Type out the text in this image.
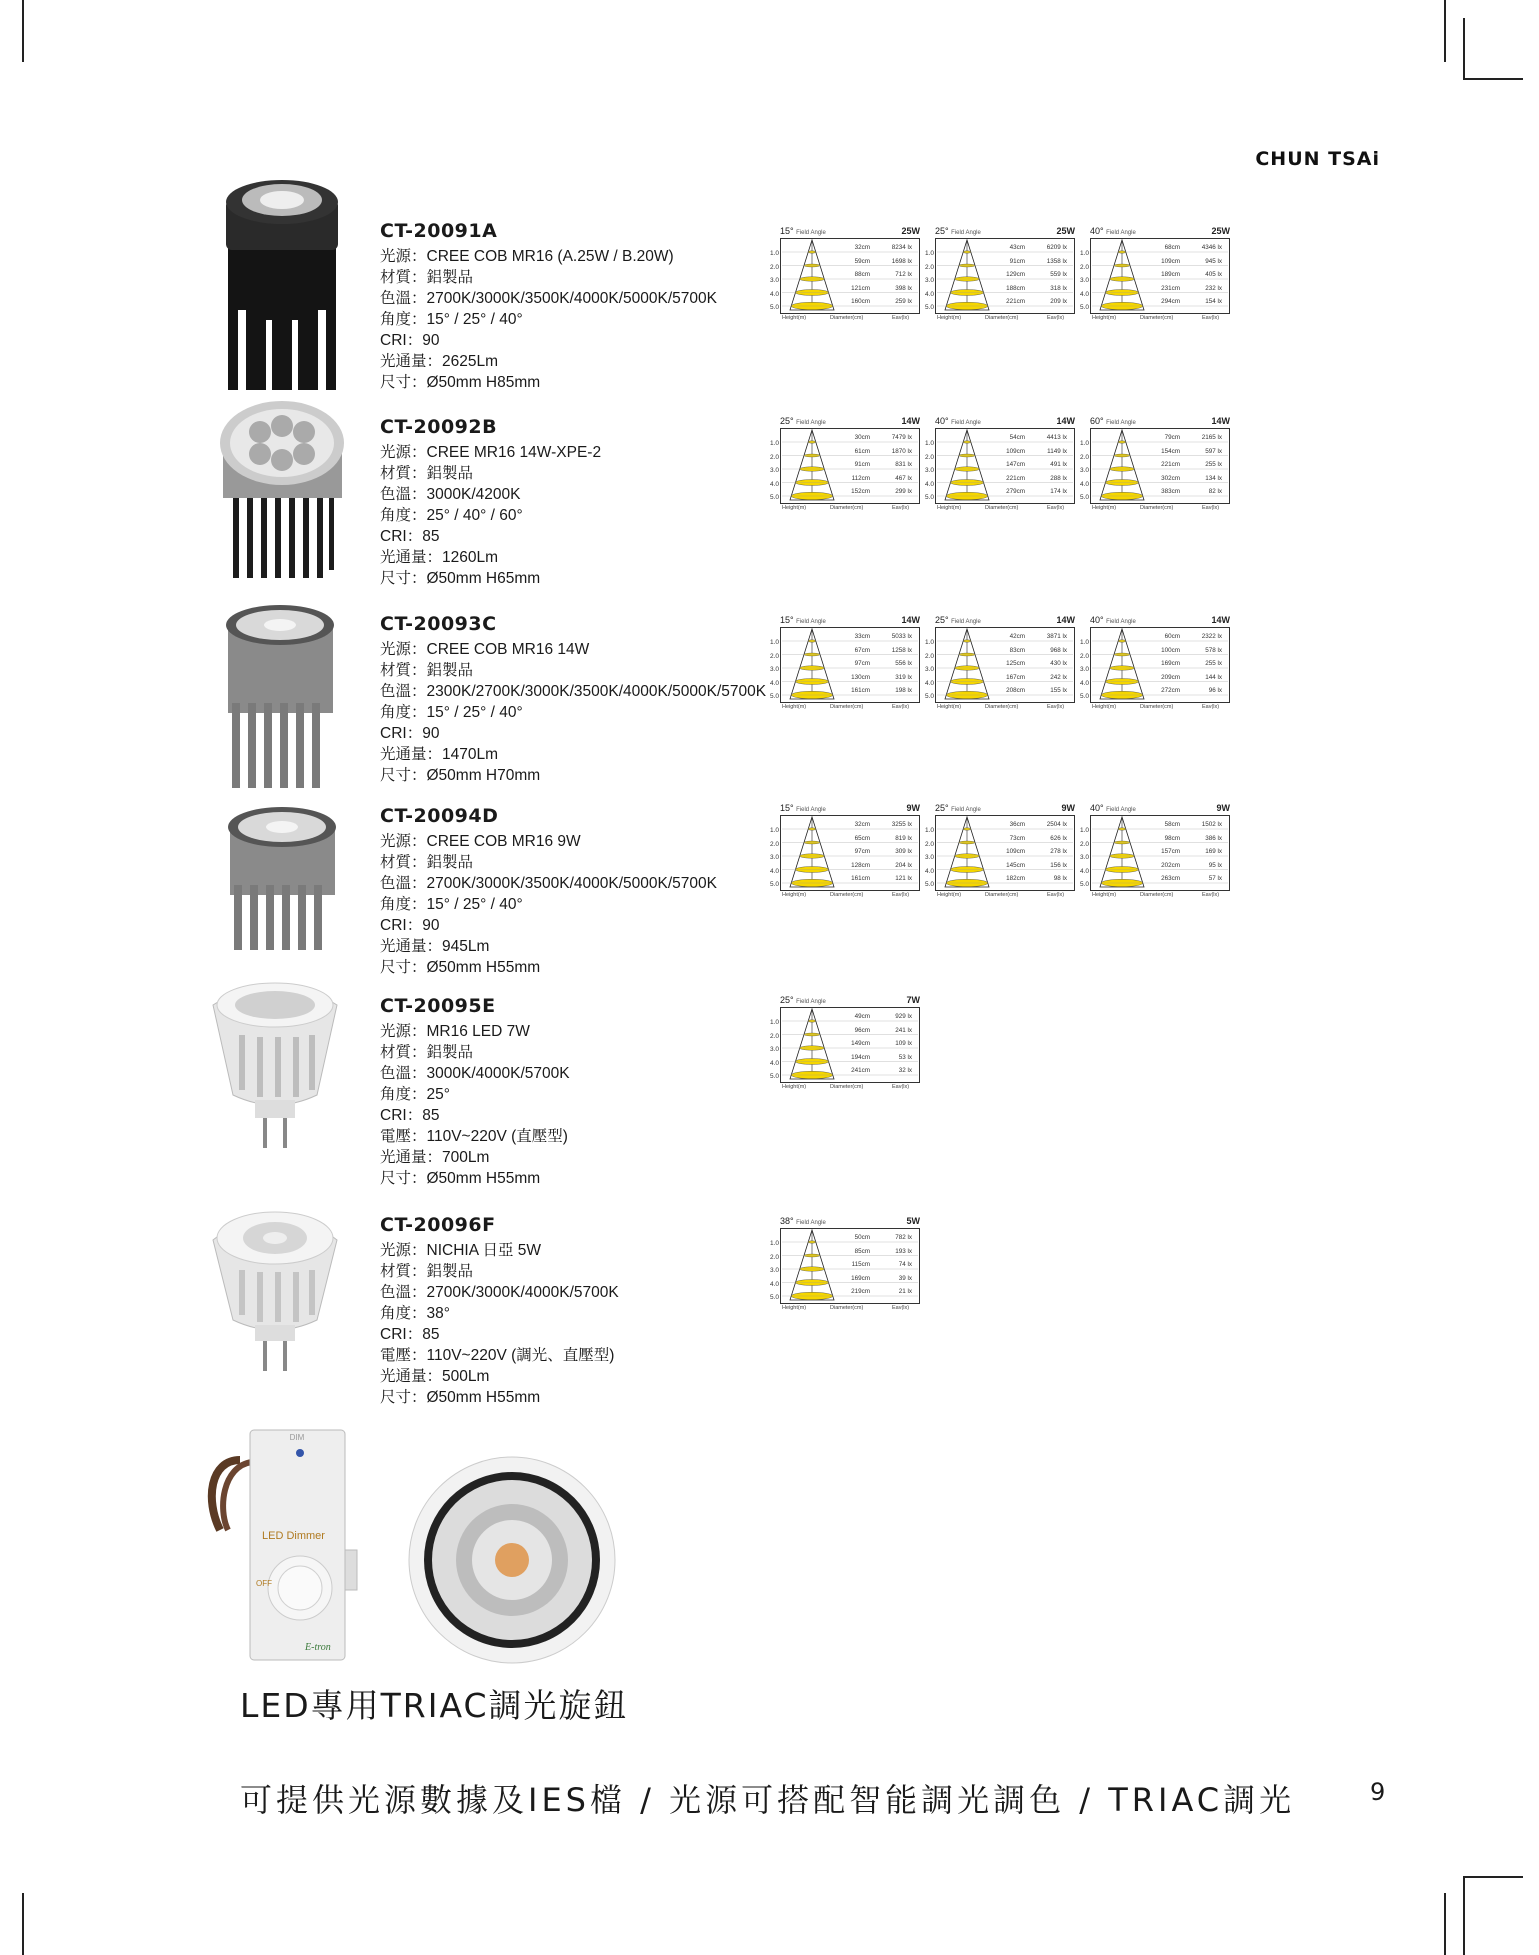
CHUN TSAi
CT-20091A
光源：CREE COB MR16 (A.25W / B.20W)
材質：鋁製品
色溫：2700K/3000K/3500K/4000K/5000K/5700K
角度：15° / 25° / 40°
CRI：90
光通量：2625Lm
尺寸：Ø50mm H85mm
15° Field Angle	25W
1.0
32cm	8234 lx
2.0
59cm	1698 lx
3.0
88cm	712 lx
4.0
121cm	398 lx
5.0
160cm	259 lx
Height(m)	Diameter(cm)	Eav(lx)
25° Field Angle	25W
1.0
43cm	6209 lx
2.0
91cm	1358 lx
3.0
129cm	559 lx
4.0
188cm	318 lx
5.0
221cm	209 lx
Height(m)	Diameter(cm)	Eav(lx)
40° Field Angle	25W
1.0
68cm	4346 lx
2.0
109cm	945 lx
3.0
189cm	405 lx
4.0
231cm	232 lx
5.0
294cm	154 lx
Height(m)	Diameter(cm)	Eav(lx)
CT-20092B
光源：CREE MR16 14W-XPE-2
材質：鋁製品
色溫：3000K/4200K
角度：25° / 40° / 60°
CRI：85
光通量：1260Lm
尺寸：Ø50mm H65mm
25° Field Angle	14W
1.0
30cm	7479 lx
2.0
61cm	1870 lx
3.0
91cm	831 lx
4.0
112cm	467 lx
5.0
152cm	299 lx
Height(m)	Diameter(cm)	Eav(lx)
40° Field Angle	14W
1.0
54cm	4413 lx
2.0
109cm	1149 lx
3.0
147cm	491 lx
4.0
221cm	288 lx
5.0
279cm	174 lx
Height(m)	Diameter(cm)	Eav(lx)
60° Field Angle	14W
1.0
79cm	2165 lx
2.0
154cm	597 lx
3.0
221cm	255 lx
4.0
302cm	134 lx
5.0
383cm	82 lx
Height(m)	Diameter(cm)	Eav(lx)
CT-20093C
光源：CREE COB MR16 14W
材質：鋁製品
色溫：2300K/2700K/3000K/3500K/4000K/5000K/5700K
角度：15° / 25° / 40°
CRI：90
光通量：1470Lm
尺寸：Ø50mm H70mm
15° Field Angle	14W
1.0
33cm	5033 lx
2.0
67cm	1258 lx
3.0
97cm	556 lx
4.0
130cm	319 lx
5.0
161cm	198 lx
Height(m)	Diameter(cm)	Eav(lx)
25° Field Angle	14W
1.0
42cm	3871 lx
2.0
83cm	968 lx
3.0
125cm	430 lx
4.0
167cm	242 lx
5.0
208cm	155 lx
Height(m)	Diameter(cm)	Eav(lx)
40° Field Angle	14W
1.0
60cm	2322 lx
2.0
100cm	578 lx
3.0
169cm	255 lx
4.0
209cm	144 lx
5.0
272cm	96 lx
Height(m)	Diameter(cm)	Eav(lx)
CT-20094D
光源：CREE COB MR16 9W
材質：鋁製品
色溫：2700K/3000K/3500K/4000K/5000K/5700K
角度：15° / 25° / 40°
CRI：90
光通量：945Lm
尺寸：Ø50mm H55mm
15° Field Angle	9W
1.0
32cm	3255 lx
2.0
65cm	819 lx
3.0
97cm	309 lx
4.0
128cm	204 lx
5.0
161cm	121 lx
Height(m)	Diameter(cm)	Eav(lx)
25° Field Angle	9W
1.0
36cm	2504 lx
2.0
73cm	626 lx
3.0
109cm	278 lx
4.0
145cm	156 lx
5.0
182cm	98 lx
Height(m)	Diameter(cm)	Eav(lx)
40° Field Angle	9W
1.0
58cm	1502 lx
2.0
98cm	386 lx
3.0
157cm	169 lx
4.0
202cm	95 lx
5.0
263cm	57 lx
Height(m)	Diameter(cm)	Eav(lx)
CT-20095E
光源：MR16 LED 7W
材質：鋁製品
色溫：3000K/4000K/5700K
角度：25°
CRI：85
電壓：110V~220V (直壓型)
光通量：700Lm
尺寸：Ø50mm H55mm
25° Field Angle	7W
1.0
49cm	929 lx
2.0
96cm	241 lx
3.0
149cm	109 lx
4.0
194cm	53 lx
5.0
241cm	32 lx
Height(m)	Diameter(cm)	Eav(lx)
CT-20096F
光源：NICHIA 日亞 5W
材質：鋁製品
色溫：2700K/3000K/4000K/5700K
角度：38°
CRI：85
電壓：110V~220V (調光、直壓型)
光通量：500Lm
尺寸：Ø50mm H55mm
38° Field Angle	5W
1.0
50cm	782 lx
2.0
85cm	193 lx
3.0
115cm	74 lx
4.0
169cm	39 lx
5.0
219cm	21 lx
Height(m)	Diameter(cm)	Eav(lx)
DIM
LED Dimmer
OFF
E-tron
LED專用TRIAC調光旋鈕
可提供光源數據及IES檔 / 光源可搭配智能調光調色 / TRIAC調光	9
